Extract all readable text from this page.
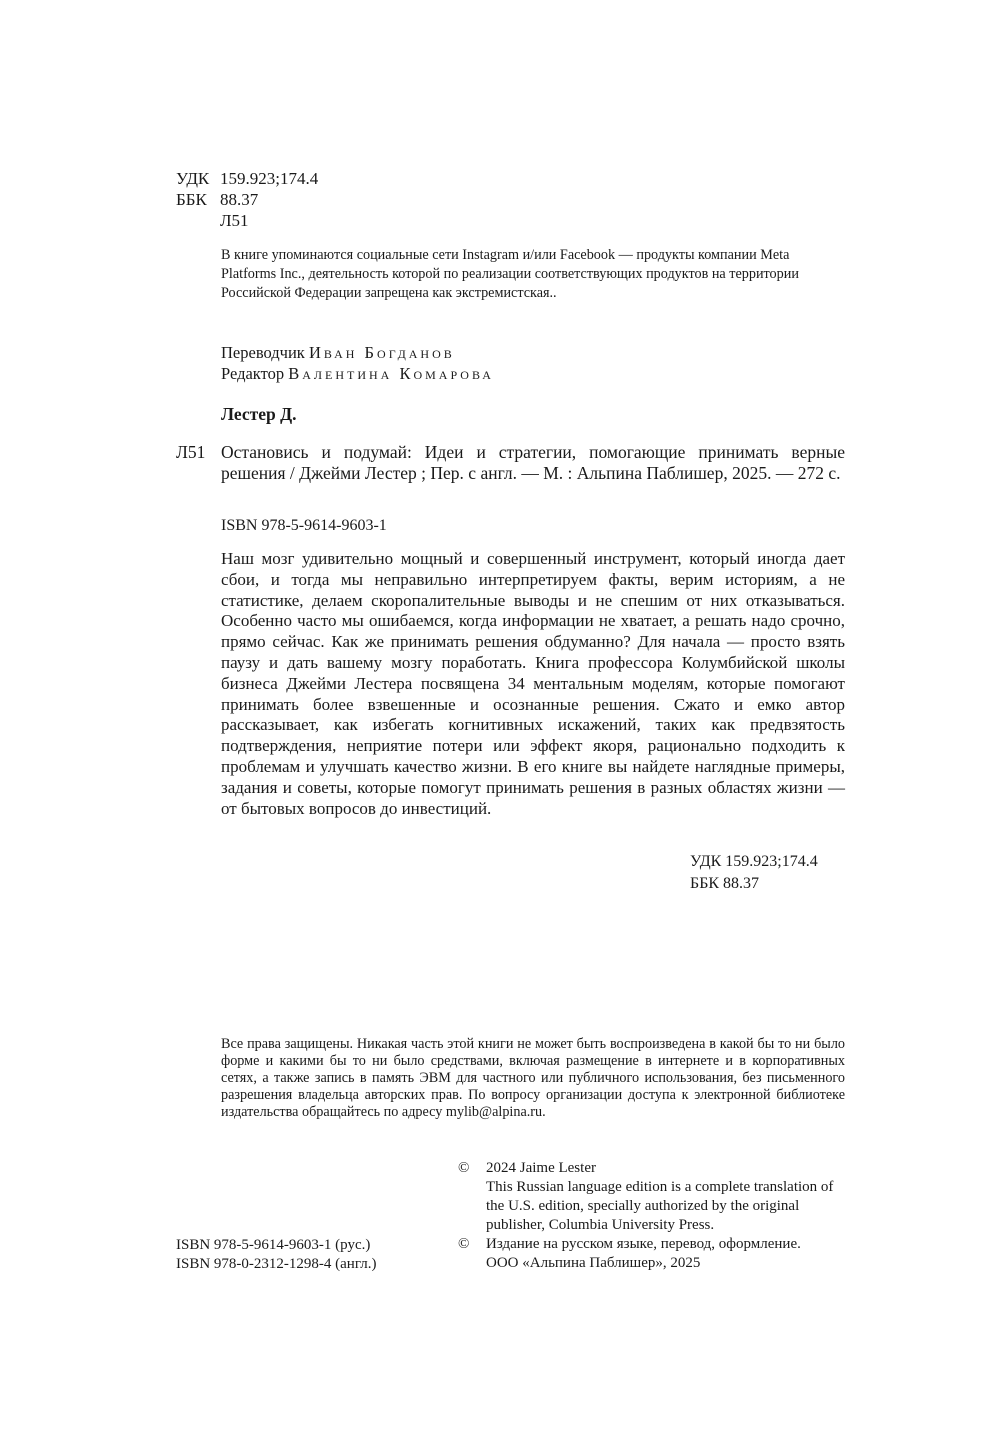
УДК 159.923;174.4
ББК 88.37
Л51
В книге упоминаются социальные сети Instagram и/или Facebook — продукты компании Meta Platforms Inc., деятельность которой по реализации соответствующих продуктов на территории Российской Федерации запрещена как экстремистская..
Переводчик Иван Богданов
Редактор Валентина Комарова
Лестер Д.
Л51 Остановись и подумай: Идеи и стратегии, помогающие принимать верные решения / Джейми Лестер ; Пер. с англ. — М. : Альпина Паблишер, 2025. — 272 с.
ISBN 978-5-9614-9603-1
Наш мозг удивительно мощный и совершенный инструмент, который иногда дает сбои, и тогда мы неправильно интерпретируем факты, верим историям, а не статистике, делаем скоропалительные выводы и не спешим от них отказываться. Особенно часто мы ошибаемся, когда информации не хватает, а решать надо срочно, прямо сейчас. Как же принимать решения обдуманно? Для начала — просто взять паузу и дать вашему мозгу поработать. Книга профессора Колумбийской школы бизнеса Джейми Лестера посвящена 34 ментальным моделям, которые помогают принимать более взвешенные и осознанные решения. Сжато и емко автор рассказывает, как избегать когнитивных искажений, таких как предвзятость подтверждения, неприятие потери или эффект якоря, рационально подходить к проблемам и улучшать качество жизни. В его книге вы найдете наглядные примеры, задания и советы, которые помогут принимать решения в разных областях жизни — от бытовых вопросов до инвестиций.
УДК 159.923;174.4
ББК 88.37
Все права защищены. Никакая часть этой книги не может быть воспроизведена в какой бы то ни было форме и какими бы то ни было средствами, включая размещение в интернете и в корпоративных сетях, а также запись в память ЭВМ для частного или публичного использования, без письменного разрешения владельца авторских прав. По вопросу организации доступа к электронной библиотеке издательства обращайтесь по адресу mylib@alpina.ru.
© 2024 Jaime Lester
This Russian language edition is a complete translation of the U.S. edition, specially authorized by the original publisher, Columbia University Press.
© Издание на русском языке, перевод, оформление.
ООО «Альпина Паблишер», 2025
ISBN 978-5-9614-9603-1 (рус.)
ISBN 978-0-2312-1298-4 (англ.)
